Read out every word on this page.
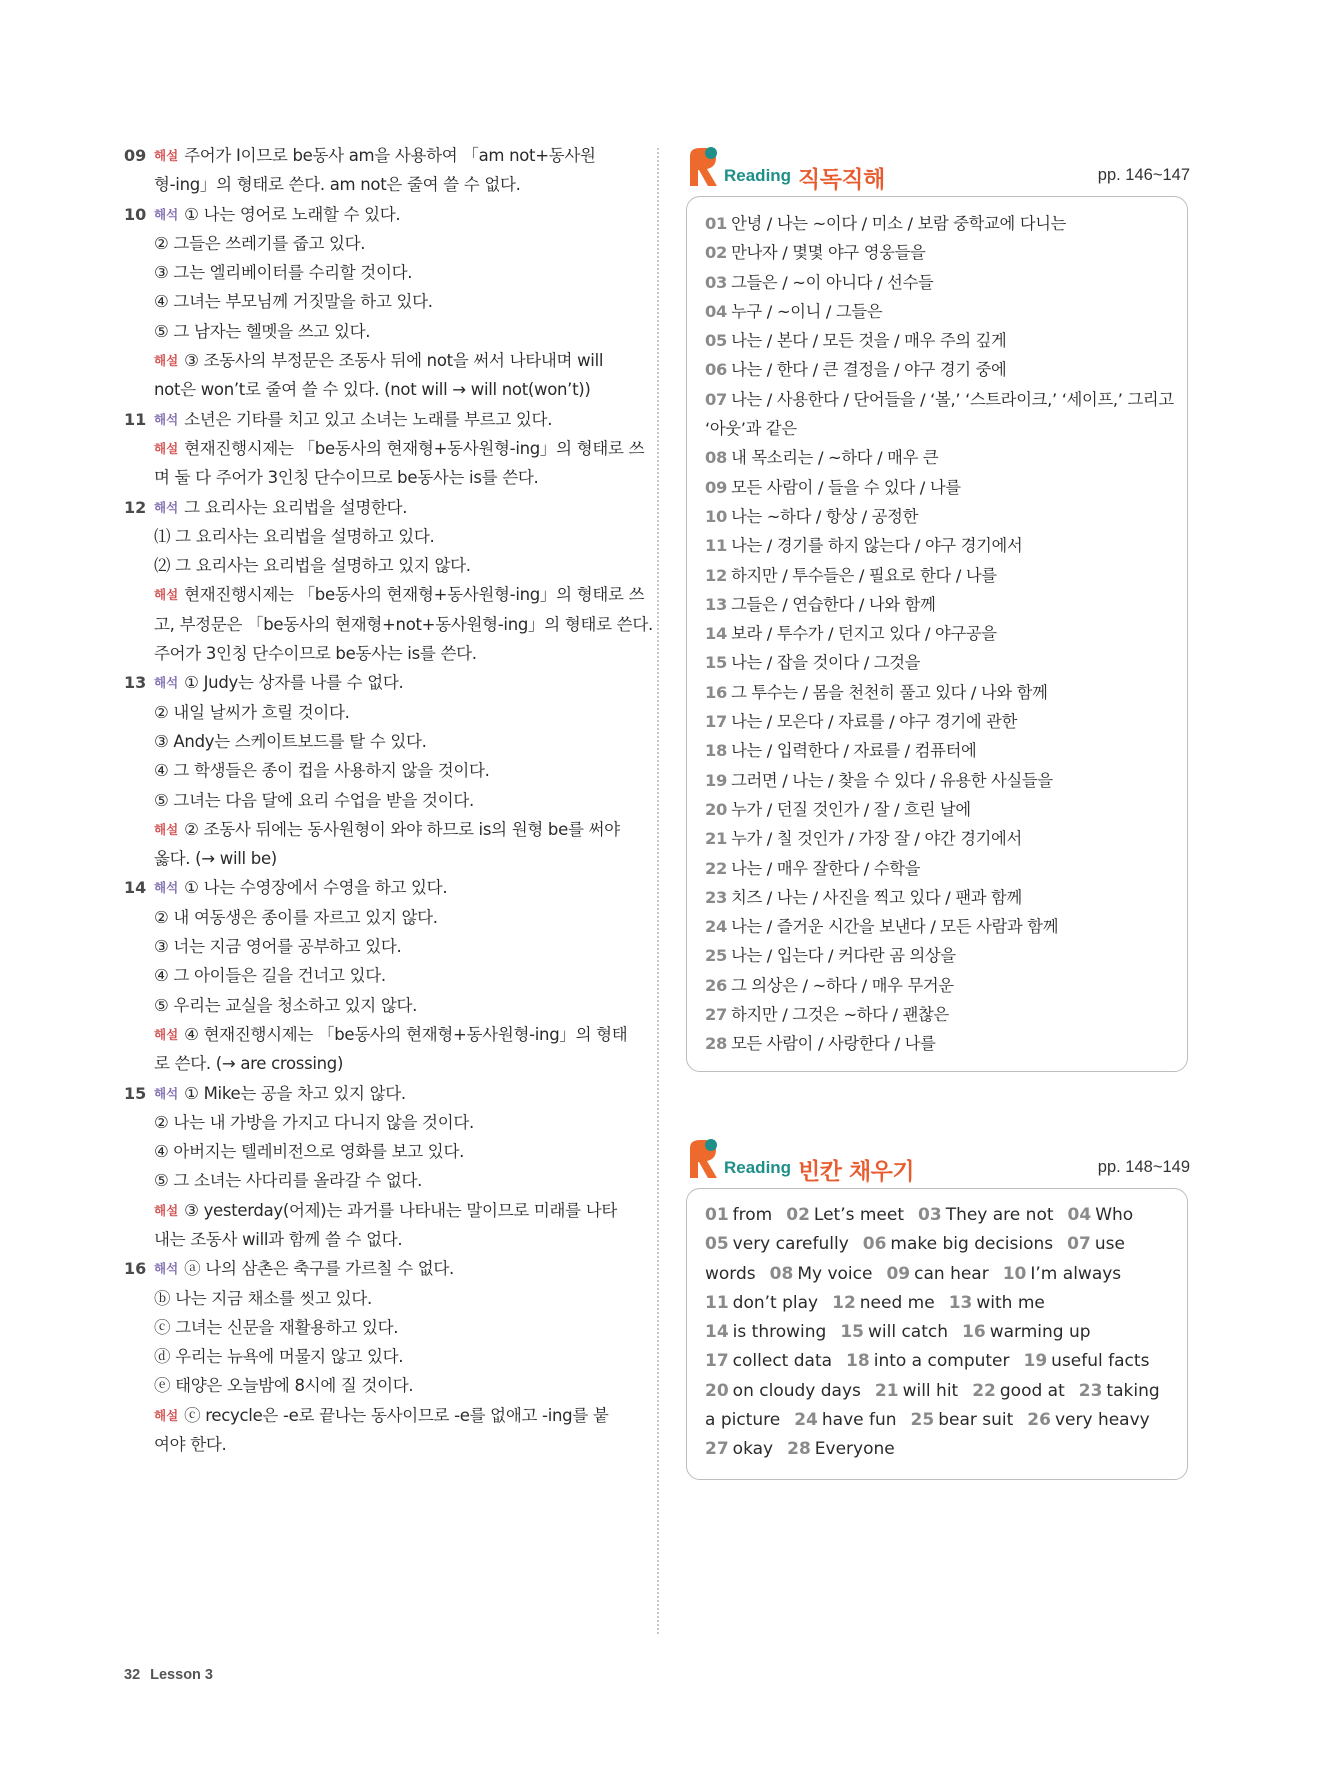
09 해설 주어가 I이므로 be동사 am을 사용하여 「am not+동사원
형-ing」의 형태로 쓴다. am not은 줄여 쓸 수 없다.
10 해석 ① 나는 영어로 노래할 수 있다.
② 그들은 쓰레기를 줍고 있다.
③ 그는 엘리베이터를 수리할 것이다.
④ 그녀는 부모님께 거짓말을 하고 있다.
⑤ 그 남자는 헬멧을 쓰고 있다.
해설 ③ 조동사의 부정문은 조동사 뒤에 not을 써서 나타내며 will
not은 won’t로 줄여 쓸 수 있다. (not will → will not(won’t))
11 해석 소년은 기타를 치고 있고 소녀는 노래를 부르고 있다.
해설 현재진행시제는 「be동사의 현재형+동사원형-ing」의 형태로 쓰
며 둘 다 주어가 3인칭 단수이므로 be동사는 is를 쓴다.
12 해석 그 요리사는 요리법을 설명한다.
⑴ 그 요리사는 요리법을 설명하고 있다.
⑵ 그 요리사는 요리법을 설명하고 있지 않다.
해설 현재진행시제는 「be동사의 현재형+동사원형-ing」의 형태로 쓰
고, 부정문은 「be동사의 현재형+not+동사원형-ing」의 형태로 쓴다.
주어가 3인칭 단수이므로 be동사는 is를 쓴다.
13 해석 ① Judy는 상자를 나를 수 없다.
② 내일 날씨가 흐릴 것이다.
③ Andy는 스케이트보드를 탈 수 있다.
④ 그 학생들은 종이 컵을 사용하지 않을 것이다.
⑤ 그녀는 다음 달에 요리 수업을 받을 것이다.
해설 ② 조동사 뒤에는 동사원형이 와야 하므로 is의 원형 be를 써야
옳다. (→ will be)
14 해석 ① 나는 수영장에서 수영을 하고 있다.
② 내 여동생은 종이를 자르고 있지 않다.
③ 너는 지금 영어를 공부하고 있다.
④ 그 아이들은 길을 건너고 있다.
⑤ 우리는 교실을 청소하고 있지 않다.
해설 ④ 현재진행시제는 「be동사의 현재형+동사원형-ing」의 형태
로 쓴다. (→ are crossing)
15 해석 ① Mike는 공을 차고 있지 않다.
② 나는 내 가방을 가지고 다니지 않을 것이다.
④ 아버지는 텔레비전으로 영화를 보고 있다.
⑤ 그 소녀는 사다리를 올라갈 수 없다.
해설 ③ yesterday(어제)는 과거를 나타내는 말이므로 미래를 나타
내는 조동사 will과 함께 쓸 수 없다.
16 해석 ⓐ 나의 삼촌은 축구를 가르칠 수 없다.
ⓑ 나는 지금 채소를 씻고 있다.
ⓒ 그녀는 신문을 재활용하고 있다.
ⓓ 우리는 뉴욕에 머물지 않고 있다.
ⓔ 태양은 오늘밤에 8시에 질 것이다.
해설 ⓒ recycle은 -e로 끝나는 동사이므로 -e를 없애고 -ing를 붙
여야 한다.
Reading 직독직해	pp. 146~147
01 안녕 / 나는 ~이다 / 미소 / 보람 중학교에 다니는
02 만나자 / 몇몇 야구 영웅들을
03 그들은 / ~이 아니다 / 선수들
04 누구 / ~이니 / 그들은
05 나는 / 본다 / 모든 것을 / 매우 주의 깊게
06 나는 / 한다 / 큰 결정을 / 야구 경기 중에
07 나는 / 사용한다 / 단어들을 / ‘볼,’ ‘스트라이크,’ ‘세이프,’ 그리고
‘아웃’과 같은
08 내 목소리는 / ~하다 / 매우 큰
09 모든 사람이 / 들을 수 있다 / 나를
10 나는 ~하다 / 항상 / 공정한
11 나는 / 경기를 하지 않는다 / 야구 경기에서
12 하지만 / 투수들은 / 필요로 한다 / 나를
13 그들은 / 연습한다 / 나와 함께
14 보라 / 투수가 / 던지고 있다 / 야구공을
15 나는 / 잡을 것이다 / 그것을
16 그 투수는 / 몸을 천천히 풀고 있다 / 나와 함께
17 나는 / 모은다 / 자료를 / 야구 경기에 관한
18 나는 / 입력한다 / 자료를 / 컴퓨터에
19 그러면 / 나는 / 찾을 수 있다 / 유용한 사실들을
20 누가 / 던질 것인가 / 잘 / 흐린 날에
21 누가 / 칠 것인가 / 가장 잘 / 야간 경기에서
22 나는 / 매우 잘한다 / 수학을
23 치즈 / 나는 / 사진을 찍고 있다 / 팬과 함께
24 나는 / 즐거운 시간을 보낸다 / 모든 사람과 함께
25 나는 / 입는다 / 커다란 곰 의상을
26 그 의상은 / ~하다 / 매우 무거운
27 하지만 / 그것은 ~하다 / 괜찮은
28 모든 사람이 / 사랑한다 / 나를
Reading 빈칸 채우기	pp. 148~149
01 from 02 Let’s meet 03 They are not 04 Who
05 very carefully 06 make big decisions 07 use
words 08 My voice 09 can hear 10 I’m always
11 don’t play 12 need me 13 with me
14 is throwing 15 will catch 16 warming up
17 collect data 18 into a computer 19 useful facts
20 on cloudy days 21 will hit 22 good at 23 taking
a picture 24 have fun 25 bear suit 26 very heavy
27 okay 28 Everyone
32 Lesson 3
